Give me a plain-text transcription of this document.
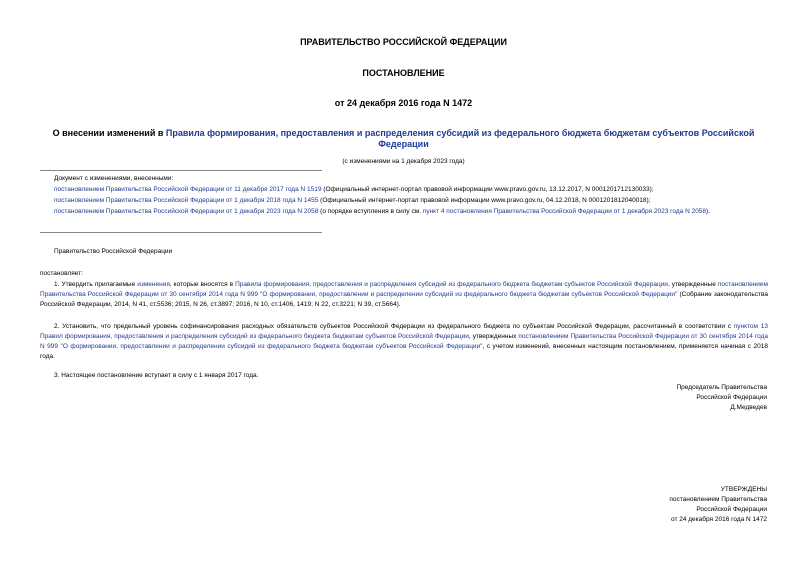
ПРАВИТЕЛЬСТВО РОССИЙСКОЙ ФЕДЕРАЦИИ
ПОСТАНОВЛЕНИЕ
от 24 декабря 2016 года N 1472
О внесении изменений в Правила формирования, предоставления и распределения субсидий из федерального бюджета бюджетам субъектов Российской Федерации
(с изменениями на 1 декабря 2023 года)
Документ с изменениями, внесенными:
постановлением Правительства Российской Федерации от 11 декабря 2017 года N 1519 (Официальный интернет-портал правовой информации www.pravo.gov.ru, 13.12.2017, N 0001201712130033);
постановлением Правительства Российской Федерации от 1 декабря 2018 года N 1455 (Официальный интернет-портал правовой информации www.pravo.gov.ru, 04.12.2018, N 0001201812040018);
постановлением Правительства Российской Федерации от 1 декабря 2023 года N 2058 (о порядке вступления в силу см. пункт 4 постановления Правительства Российской Федерации от 1 декабря 2023 года N 2058).
Правительство Российской Федерации
постановляет:
1. Утвердить прилагаемые изменения, которые вносятся в Правила формирования, предоставления и распределения субсидий из федерального бюджета бюджетам субъектов Российской Федерации, утвержденные постановлением Правительства Российской Федерации от 30 сентября 2014 года N 999 "О формировании, предоставлении и распределении субсидий из федерального бюджета бюджетам субъектов Российской Федерации" (Собрание законодательства Российской Федерации, 2014, N 41, ст.5536; 2015, N 26, ст.3897; 2016, N 10, ст.1406, 1419; N 22, ст.3221; N 39, ст.5664).
2. Установить, что предельный уровень софинансирования расходных обязательств субъектов Российской Федерации из федерального бюджета по субъектам Российской Федерации, рассчитанный в соответствии с пунктом 13 Правил формирования, предоставления и распределения субсидий из федерального бюджета бюджетам субъектов Российской Федерации, утвержденных постановлением Правительства Российской Федерации от 30 сентября 2014 года N 999 "О формировании, предоставлении и распределении субсидий из федерального бюджета бюджетам субъектов Российской Федерации", с учетом изменений, внесенных настоящим постановлением, применяется начиная с 2018 года.
3. Настоящее постановление вступает в силу с 1 января 2017 года.
Председатель Правительства
Российской Федерации
Д.Медведев
УТВЕРЖДЕНЫ
постановлением Правительства
Российской Федерации
от 24 декабря 2016 года N 1472
